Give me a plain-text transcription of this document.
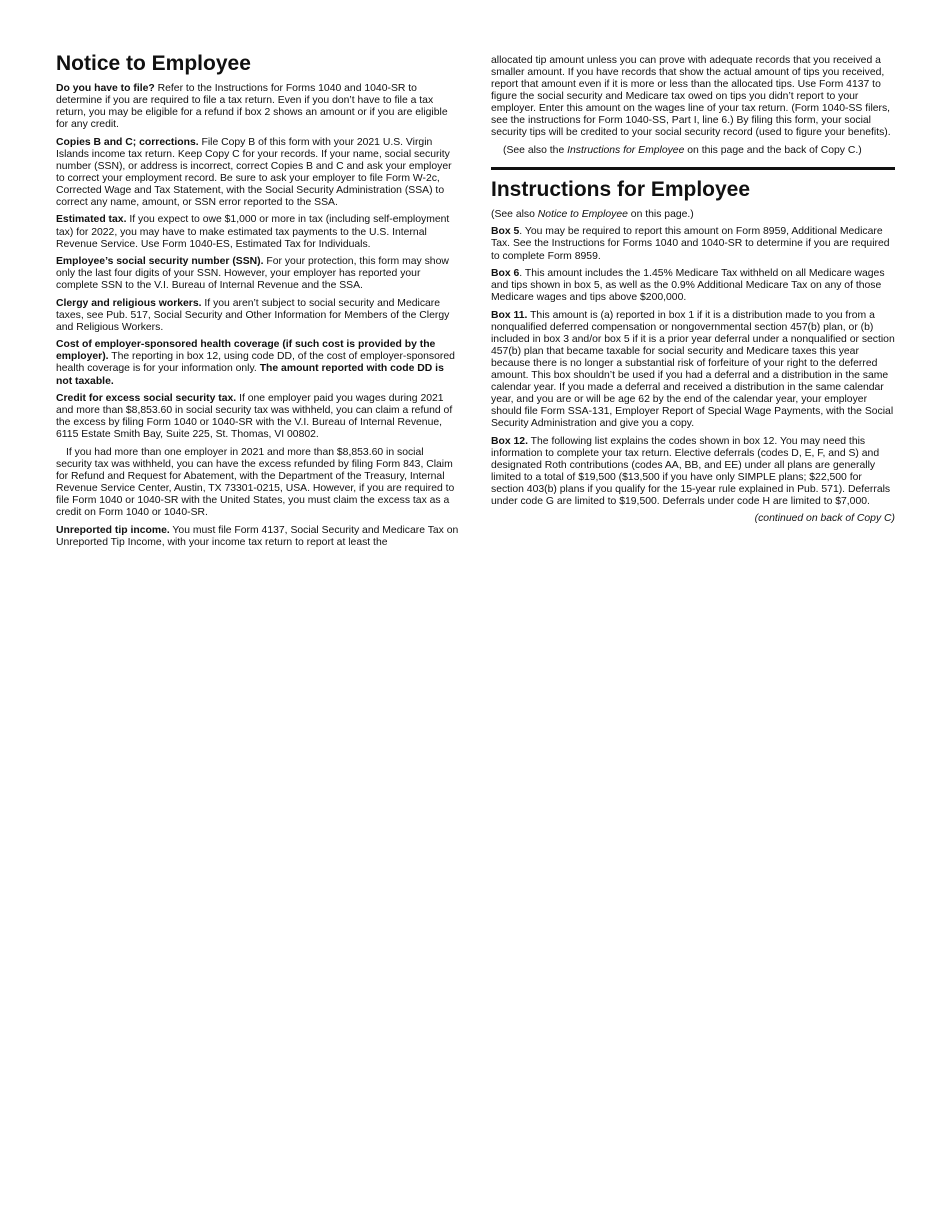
Notice to Employee

Do you have to file? Refer to the Instructions for Forms 1040 and 1040-SR to determine if you are required to file a tax return. Even if you don’t have to file a tax return, you may be eligible for a refund if box 2 shows an amount or if you are eligible for any credit.

Copies B and C; corrections. File Copy B of this form with your 2021 U.S. Virgin Islands income tax return. Keep Copy C for your records. If your name, social security number (SSN), or address is incorrect, correct Copies B and C and ask your employer to correct your employment record. Be sure to ask your employer to file Form W-2c, Corrected Wage and Tax Statement, with the Social Security Administration (SSA) to correct any name, amount, or SSN error reported to the SSA.

Estimated tax. If you expect to owe $1,000 or more in tax (including self-employment tax) for 2022, you may have to make estimated tax payments to the U.S. Internal Revenue Service. Use Form 1040-ES, Estimated Tax for Individuals.

Employee’s social security number (SSN). For your protection, this form may show only the last four digits of your SSN. However, your employer has reported your complete SSN to the V.I. Bureau of Internal Revenue and the SSA.

Clergy and religious workers. If you aren’t subject to social security and Medicare taxes, see Pub. 517, Social Security and Other Information for Members of the Clergy and Religious Workers.

Cost of employer-sponsored health coverage (if such cost is provided by the employer). The reporting in box 12, using code DD, of the cost of employer-sponsored health coverage is for your information only. The amount reported with code DD is not taxable.

Credit for excess social security tax. If one employer paid you wages during 2021 and more than $8,853.60 in social security tax was withheld, you can claim a refund of the excess by filing Form 1040 or 1040-SR with the V.I. Bureau of Internal Revenue, 6115 Estate Smith Bay, Suite 225, St. Thomas, VI 00802.

If you had more than one employer in 2021 and more than $8,853.60 in social security tax was withheld, you can have the excess refunded by filing Form 843, Claim for Refund and Request for Abatement, with the Department of the Treasury, Internal Revenue Service Center, Austin, TX 73301-0215, USA. However, if you are required to file Form 1040 or 1040-SR with the United States, you must claim the excess tax as a credit on Form 1040 or 1040-SR.

Unreported tip income. You must file Form 4137, Social Security and Medicare Tax on Unreported Tip Income, with your income tax return to report at least the

allocated tip amount unless you can prove with adequate records that you received a smaller amount. If you have records that show the actual amount of tips you received, report that amount even if it is more or less than the allocated tips. Use Form 4137 to figure the social security and Medicare tax owed on tips you didn’t report to your employer. Enter this amount on the wages line of your tax return. (Form 1040-SS filers, see the instructions for Form 1040-SS, Part I, line 6.) By filing this form, your social security tips will be credited to your social security record (used to figure your benefits).

(See also the Instructions for Employee on this page and the back of Copy C.)

Instructions for Employee

(See also Notice to Employee on this page.)

Box 5. You may be required to report this amount on Form 8959, Additional Medicare Tax. See the Instructions for Forms 1040 and 1040-SR to determine if you are required to complete Form 8959.

Box 6. This amount includes the 1.45% Medicare Tax withheld on all Medicare wages and tips shown in box 5, as well as the 0.9% Additional Medicare Tax on any of those Medicare wages and tips above $200,000.

Box 11. This amount is (a) reported in box 1 if it is a distribution made to you from a nonqualified deferred compensation or nongovernmental section 457(b) plan, or (b) included in box 3 and/or box 5 if it is a prior year deferral under a nonqualified or section 457(b) plan that became taxable for social security and Medicare taxes this year because there is no longer a substantial risk of forfeiture of your right to the deferred amount. This box shouldn’t be used if you had a deferral and a distribution in the same calendar year. If you made a deferral and received a distribution in the same calendar year, and you are or will be age 62 by the end of the calendar year, your employer should file Form SSA-131, Employer Report of Special Wage Payments, with the Social Security Administration and give you a copy.

Box 12. The following list explains the codes shown in box 12. You may need this information to complete your tax return. Elective deferrals (codes D, E, F, and S) and designated Roth contributions (codes AA, BB, and EE) under all plans are generally limited to a total of $19,500 ($13,500 if you have only SIMPLE plans; $22,500 for section 403(b) plans if you qualify for the 15-year rule explained in Pub. 571). Deferrals under code G are limited to $19,500. Deferrals under code H are limited to $7,000.

(continued on back of Copy C)
